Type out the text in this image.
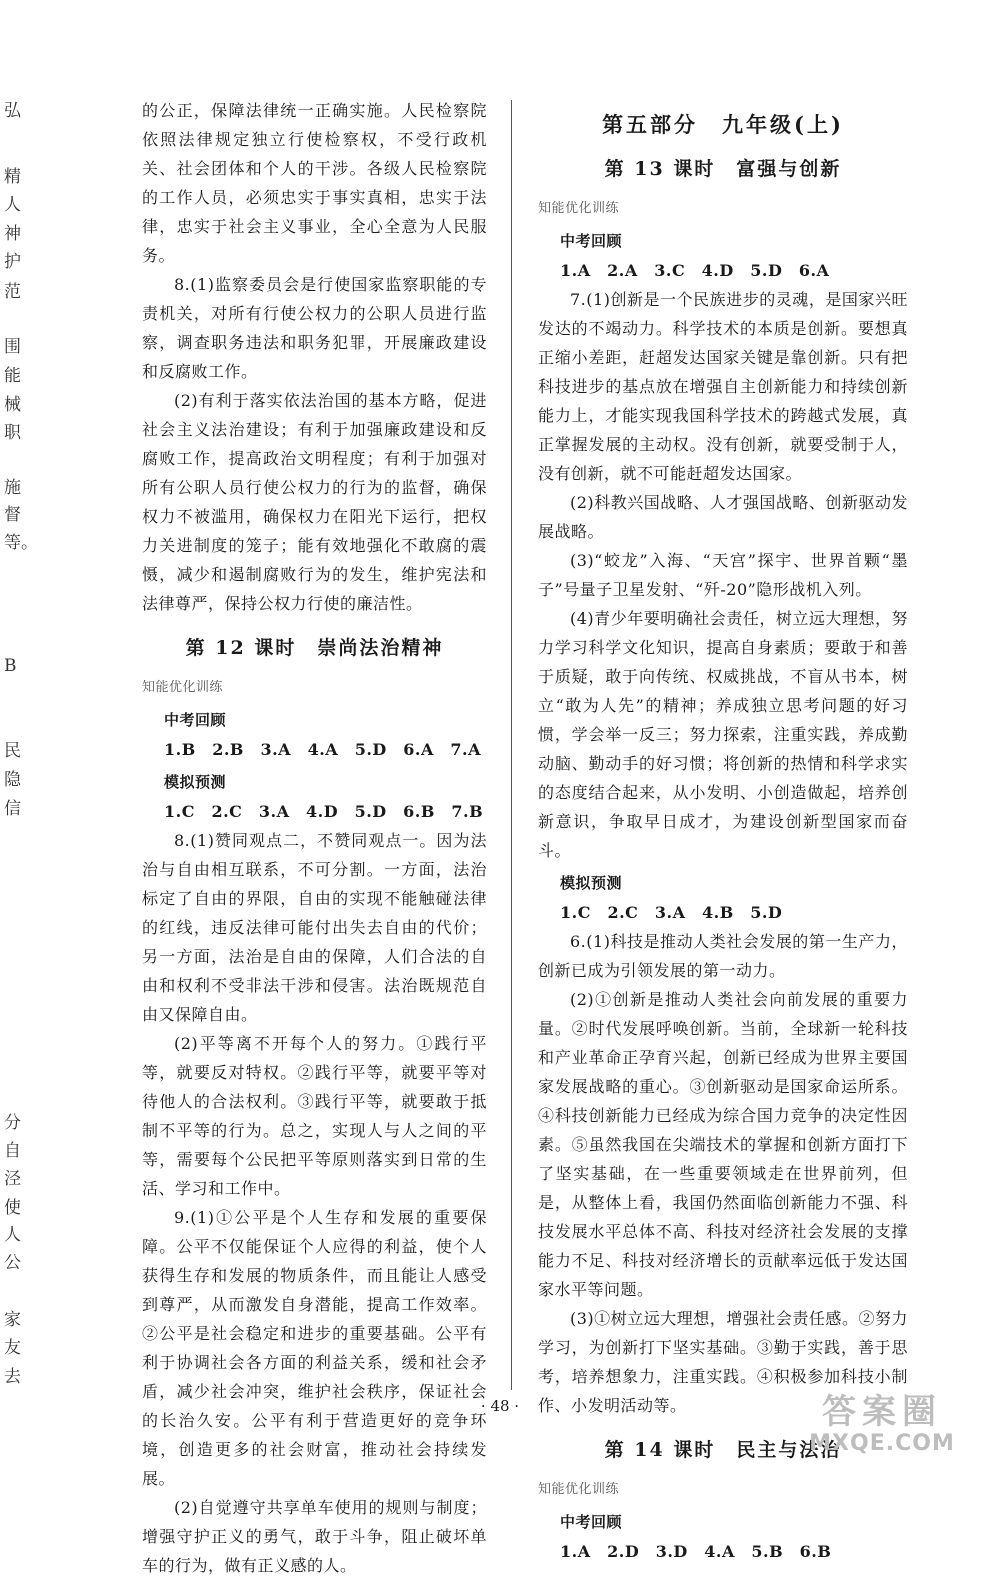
弘
精
人
神
护
范
围
能
械
职
施
督
等。
B
民
隐
信
分
自
泾
使
人
公
家
友
去

的公正，保障法律统一正确实施。人民检察院依照法律规定独立行使检察权，不受行政机关、社会团体和个人的干涉。各级人民检察院的工作人员，必须忠实于事实真相，忠实于法律，忠实于社会主义事业，全心全意为人民服务。

8.(1)监察委员会是行使国家监察职能的专责机关，对所有行使公权力的公职人员进行监察，调查职务违法和职务犯罪，开展廉政建设和反腐败工作。

(2)有利于落实依法治国的基本方略，促进社会主义法治建设；有利于加强廉政建设和反腐败工作，提高政治文明程度；有利于加强对所有公职人员行使公权力的行为的监督，确保权力不被滥用，确保权力在阳光下运行，把权力关进制度的笼子；能有效地强化不敢腐的震慑，减少和遏制腐败行为的发生，维护宪法和法律尊严，保持公权力行使的廉洁性。

第 12 课时　崇尚法治精神
知能优化训练
中考回顾

1.B　2.B　3.A　4.A　5.D　6.A　7.A

模拟预测

1.C　2.C　3.A　4.D　5.D　6.B　7.B

8.(1)赞同观点二，不赞同观点一。因为法治与自由相互联系，不可分割。一方面，法治标定了自由的界限，自由的实现不能触碰法律的红线，违反法律可能付出失去自由的代价；另一方面，法治是自由的保障，人们合法的自由和权利不受非法干涉和侵害。法治既规范自由又保障自由。

(2)平等离不开每个人的努力。①践行平等，就要反对特权。②践行平等，就要平等对待他人的合法权利。③践行平等，就要敢于抵制不平等的行为。总之，实现人与人之间的平等，需要每个公民把平等原则落实到日常的生活、学习和工作中。

9.(1)①公平是个人生存和发展的重要保障。公平不仅能保证个人应得的利益，使个人获得生存和发展的物质条件，而且能让人感受到尊严，从而激发自身潜能，提高工作效率。②公平是社会稳定和进步的重要基础。公平有利于协调社会各方面的利益关系，缓和社会矛盾，减少社会冲突，维护社会秩序，保证社会的长治久安。公平有利于营造更好的竞争环境，创造更多的社会财富，推动社会持续发展。

(2)自觉遵守共享单车使用的规则与制度；增强守护正义的勇气，敢于斗争，阻止破坏单车的行为，做有正义感的人。

第五部分　九年级(上)
第 13 课时　富强与创新
知能优化训练
中考回顾

1.A　2.A　3.C　4.D　5.D　6.A

7.(1)创新是一个民族进步的灵魂，是国家兴旺发达的不竭动力。科学技术的本质是创新。要想真正缩小差距，赶超发达国家关键是靠创新。只有把科技进步的基点放在增强自主创新能力和持续创新能力上，才能实现我国科学技术的跨越式发展，真正掌握发展的主动权。没有创新，就要受制于人，没有创新，就不可能赶超发达国家。

(2)科教兴国战略、人才强国战略、创新驱动发展战略。

(3)“蛟龙”入海、“天宫”探宇、世界首颗“墨子”号量子卫星发射、“歼-20”隐形战机入列。

(4)青少年要明确社会责任，树立远大理想，努力学习科学文化知识，提高自身素质；要敢于和善于质疑，敢于向传统、权威挑战，不盲从书本，树立“敢为人先”的精神；养成独立思考问题的好习惯，学会举一反三；努力探索，注重实践，养成勤动脑、勤动手的好习惯；将创新的热情和科学求实的态度结合起来，从小发明、小创造做起，培养创新意识，争取早日成才，为建设创新型国家而奋斗。

模拟预测

1.C　2.C　3.A　4.B　5.D

6.(1)科技是推动人类社会发展的第一生产力，创新已成为引领发展的第一动力。

(2)①创新是推动人类社会向前发展的重要力量。②时代发展呼唤创新。当前，全球新一轮科技和产业革命正孕育兴起，创新已经成为世界主要国家发展战略的重心。③创新驱动是国家命运所系。④科技创新能力已经成为综合国力竞争的决定性因素。⑤虽然我国在尖端技术的掌握和创新方面打下了坚实基础，在一些重要领域走在世界前列，但是，从整体上看，我国仍然面临创新能力不强、科技发展水平总体不高、科技对经济社会发展的支撑能力不足、科技对经济增长的贡献率远低于发达国家水平等问题。

(3)①树立远大理想，增强社会责任感。②努力学习，为创新打下坚实基础。③勤于实践，善于思考，培养想象力，注重实践。④积极参加科技小制作、小发明活动等。

第 14 课时　民主与法治
知能优化训练
中考回顾

1.A　2.D　3.D　4.A　5.B　6.B

· 48 ·	答案圈
MXQE.COM
